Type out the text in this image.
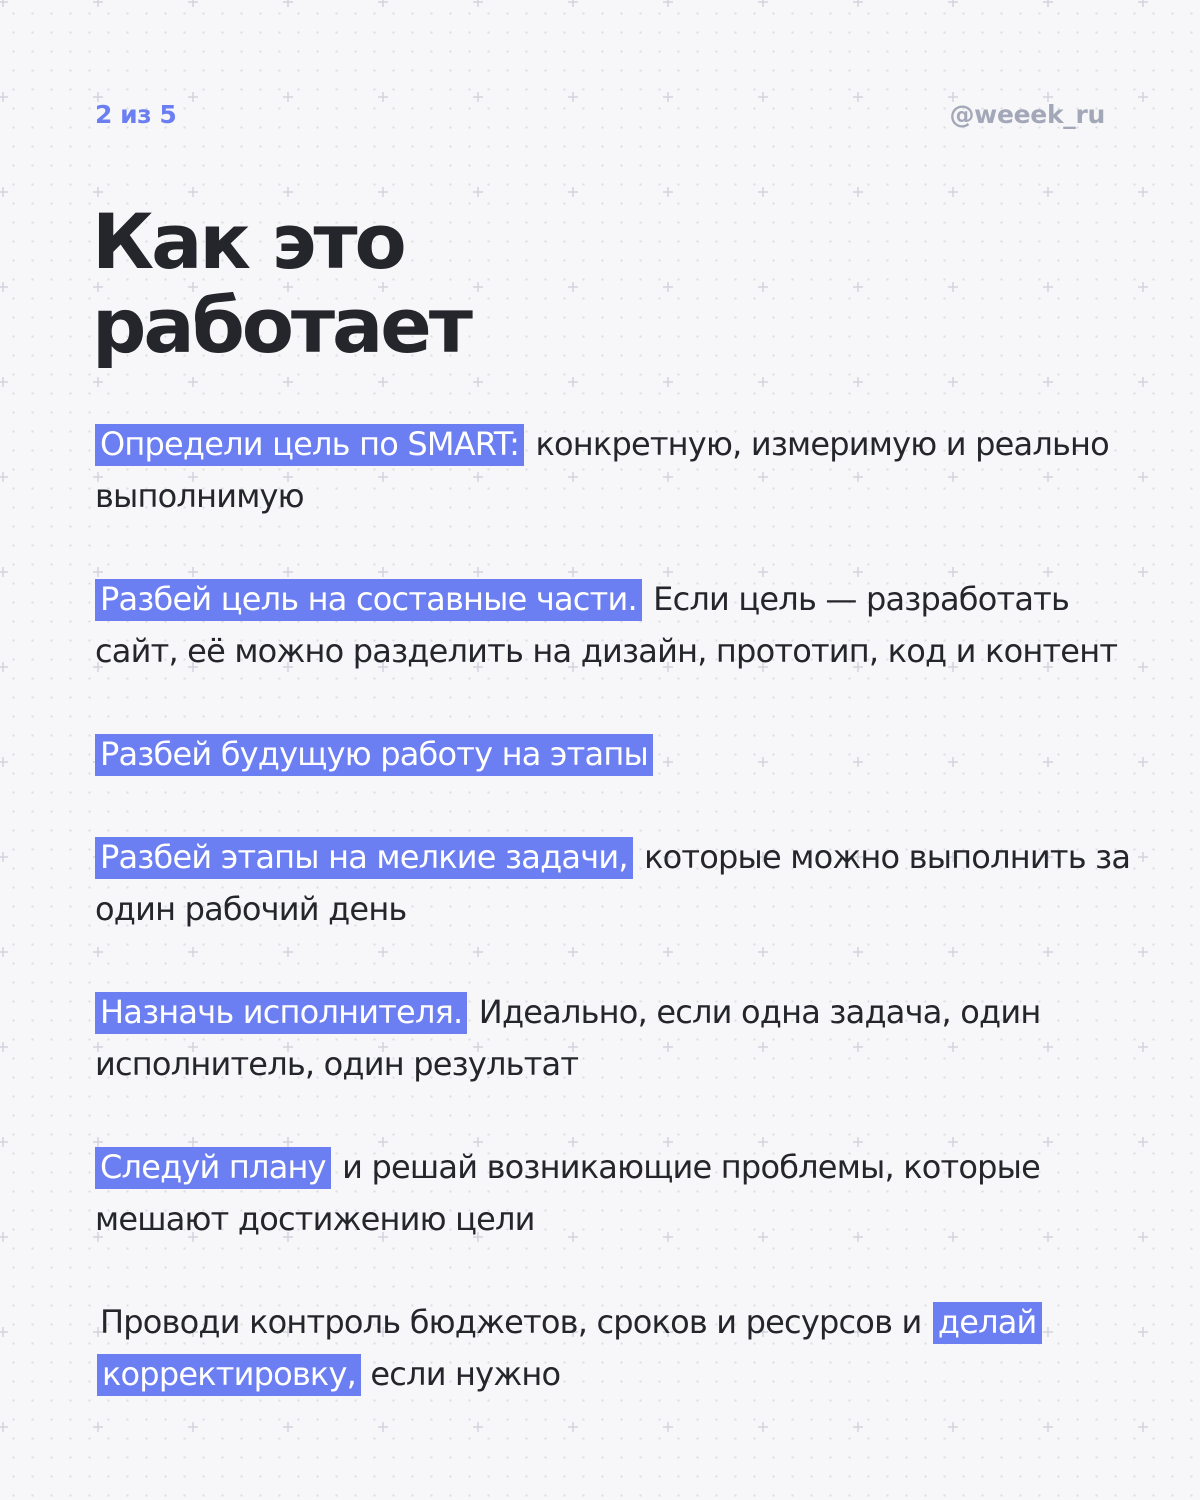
2 из 5	@weeek_ru
Как это
работает
Определи цель по SMART: конкретную, измеримую и реально выполнимую
Разбей цель на составные части. Если цель — разработать сайт, её можно разделить на дизайн, прототип, код и контент
Разбей будущую работу на этапы
Разбей этапы на мелкие задачи, которые можно выполнить за один рабочий день
Назначь исполнителя. Идеально, если одна задача, один исполнитель, один результат
Следуй плану и решай возникающие проблемы, которые мешают достижению цели
Проводи контроль бюджетов, сроков и ресурсов и делай корректировку, если нужно
